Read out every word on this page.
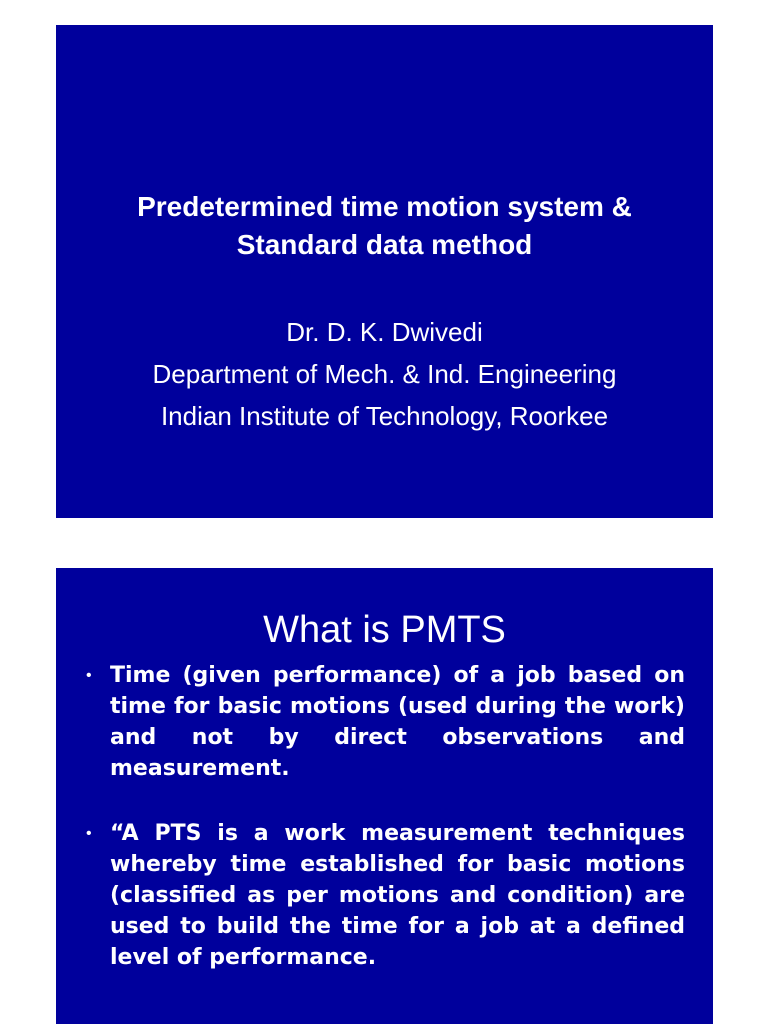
Predetermined time motion system &
Standard data method
Dr. D. K. Dwivedi
Department of Mech. & Ind. Engineering
Indian Institute of Technology, Roorkee
What is PMTS
• Time (given performance) of a job based on time for basic motions (used during the work) and not by direct observations and measurement.
• “A PTS is a work measurement techniques whereby time established for basic motions (classified as per motions and condition) are used to build the time for a job at a defined level of performance.
